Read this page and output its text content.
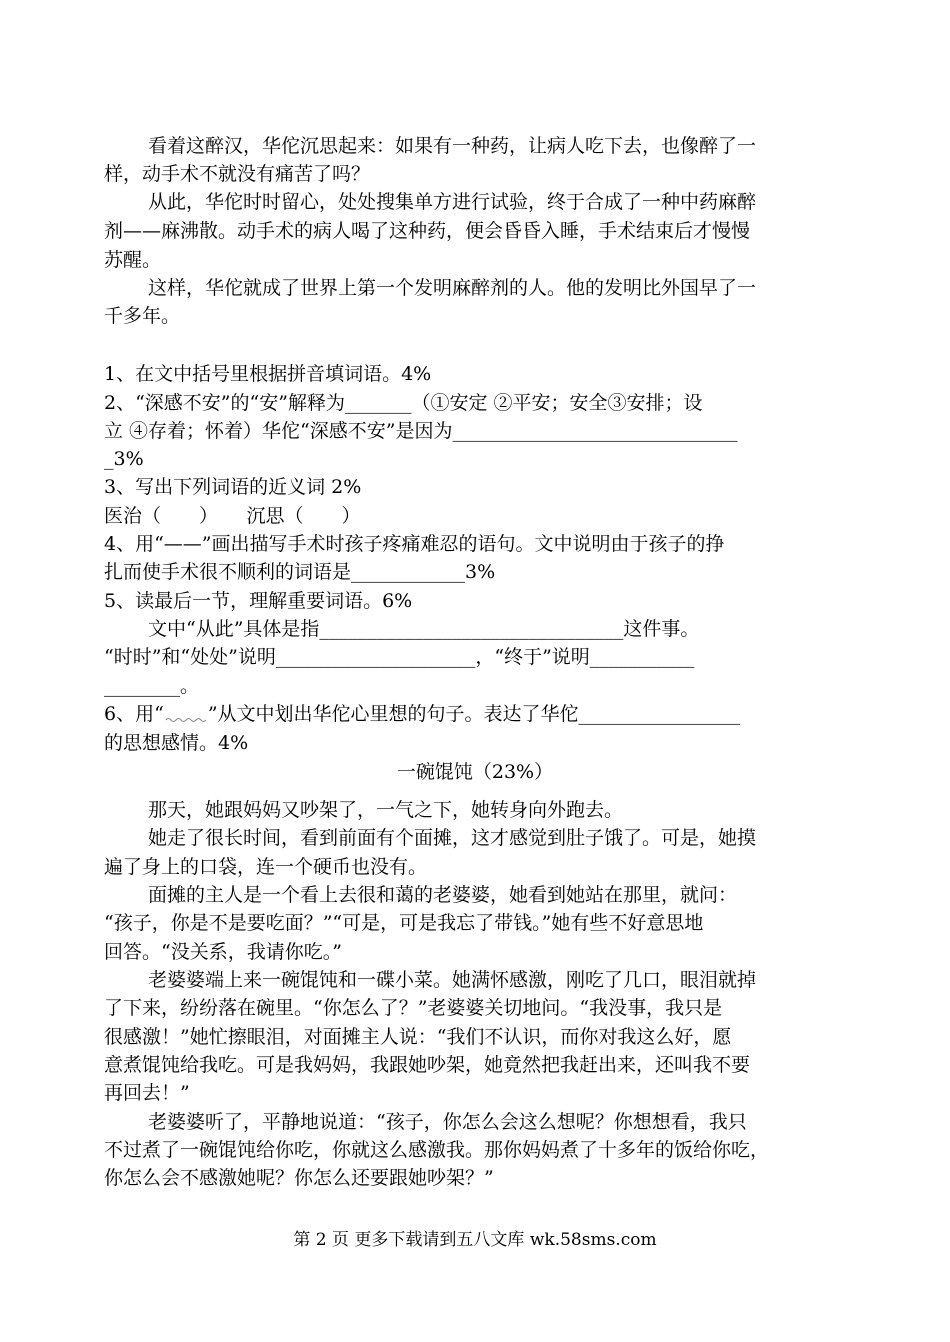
看着这醉汉，华佗沉思起来：如果有一种药，让病人吃下去，也像醉了一
样，动手术不就没有痛苦了吗？
从此，华佗时时留心，处处搜集单方进行试验，终于合成了一种中药麻醉
剂——麻沸散。动手术的病人喝了这种药，便会昏昏入睡，手术结束后才慢慢
苏醒。
这样，华佗就成了世界上第一个发明麻醉剂的人。他的发明比外国早了一
千多年。
1、在文中括号里根据拼音填词语。4%
2、“深感不安”的“安”解释为_______（①安定 ②平安；安全③安排；设
立 ④存着；怀着）华佗“深感不安”是因为______________________________
_3%
3、写出下列词语的近义词 2%
医治（　　）　　沉思（　　）
4、用“——”画出描写手术时孩子疼痛难忍的语句。文中说明由于孩子的挣
扎而使手术很不顺利的词语是____________3%
5、读最后一节，理解重要词语。6%
文中“从此”具体是指________________________________这件事。
“时时”和“处处”说明_____________________，“终于”说明___________
________。
6、用“ ”从文中划出华佗心里想的句子。表达了华佗_________________
的思想感情。4%
一碗馄饨（23%）
那天，她跟妈妈又吵架了，一气之下，她转身向外跑去。
她走了很长时间，看到前面有个面摊，这才感觉到肚子饿了。可是，她摸
遍了身上的口袋，连一个硬币也没有。
面摊的主人是一个看上去很和蔼的老婆婆，她看到她站在那里，就问：
“孩子，你是不是要吃面？”“可是，可是我忘了带钱。”她有些不好意思地
回答。“没关系，我请你吃。”
老婆婆端上来一碗馄饨和一碟小菜。她满怀感激，刚吃了几口，眼泪就掉
了下来，纷纷落在碗里。“你怎么了？”老婆婆关切地问。“我没事，我只是
很感激！”她忙擦眼泪，对面摊主人说：“我们不认识，而你对我这么好，愿
意煮馄饨给我吃。可是我妈妈，我跟她吵架，她竟然把我赶出来，还叫我不要
再回去！”
老婆婆听了，平静地说道：“孩子，你怎么会这么想呢？你想想看，我只
不过煮了一碗馄饨给你吃，你就这么感激我。那你妈妈煮了十多年的饭给你吃，
你怎么会不感激她呢？你怎么还要跟她吵架？”
第 2 页 更多下载请到五八文库 wk.58sms.com
